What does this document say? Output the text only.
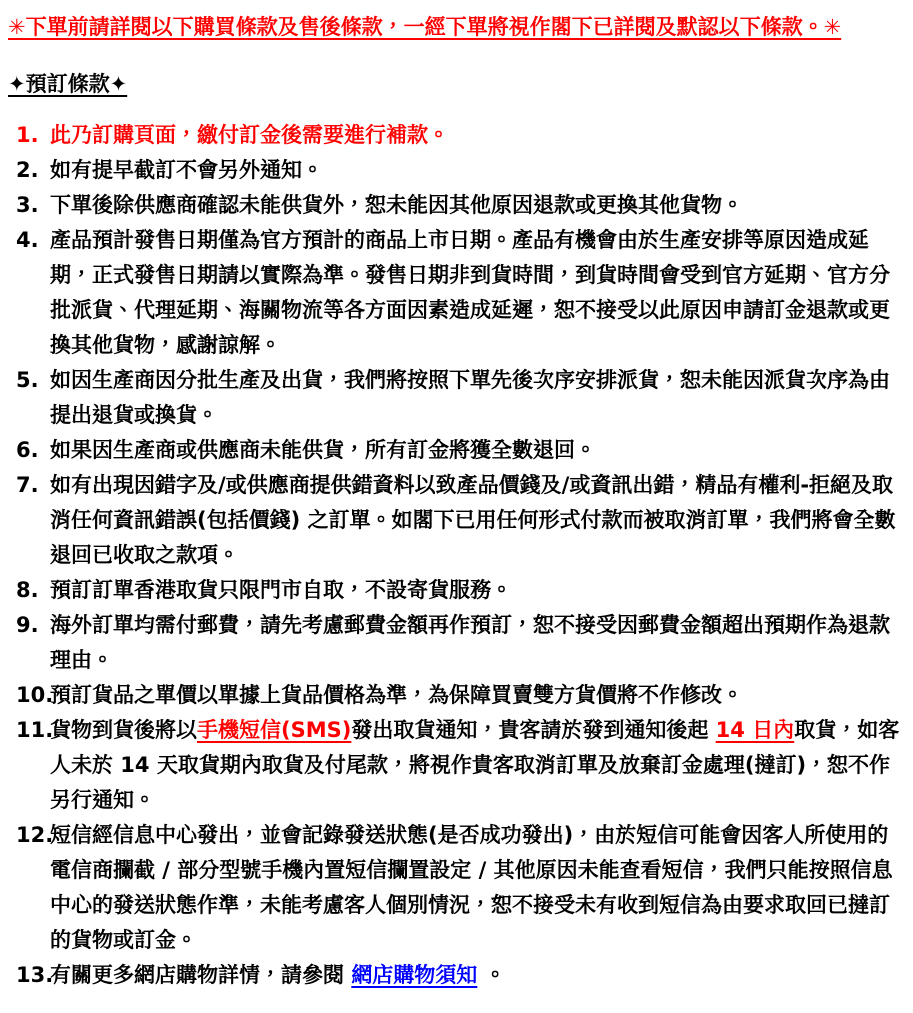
✳下單前請詳閱以下購買條款及售後條款，一經下單將視作閣下已詳閱及默認以下條款。✳

✦預訂條款✦
1. 此乃訂購頁面，繳付訂金後需要進行補款。
2. 如有提早截訂不會另外通知。
3. 下單後除供應商確認未能供貨外，恕未能因其他原因退款或更換其他貨物。
4. 產品預計發售日期僅為官方預計的商品上市日期。產品有機會由於生產安排等原因造成延期，正式發售日期請以實際為準。發售日期非到貨時間，到貨時間會受到官方延期、官方分批派貨、代理延期、海關物流等各方面因素造成延遲，恕不接受以此原因申請訂金退款或更換其他貨物，感謝諒解。
5. 如因生產商因分批生產及出貨，我們將按照下單先後次序安排派貨，恕未能因派貨次序為由提出退貨或換貨。
6. 如果因生產商或供應商未能供貨，所有訂金將獲全數退回。
7. 如有出現因錯字及/或供應商提供錯資料以致產品價錢及/或資訊出錯，精品有權利-拒絕及取消任何資訊錯誤(包括價錢) 之訂單。如閣下已用任何形式付款而被取消訂單，我們將會全數退回已收取之款項。
8. 預訂訂單香港取貨只限門市自取，不設寄貨服務。
9. 海外訂單均需付郵費，請先考慮郵費金額再作預訂，恕不接受因郵費金額超出預期作為退款理由。
10.
預訂貨品之單價以單據上貨品價格為準，為保障買賣雙方貨價將不作修改。
11.
貨物到貨後將以手機短信(SMS)發出取貨通知，貴客請於發到通知後起 14 日內取貨，如客人未於 14 天取貨期內取貨及付尾款，將視作貴客取消訂單及放棄訂金處理(撻訂)，恕不作另行通知。
12.
短信經信息中心發出，並會記錄發送狀態(是否成功發出)，由於短信可能會因客人所使用的電信商攔截 / 部分型號手機內置短信攔置設定 / 其他原因未能查看短信，我們只能按照信息中心的發送狀態作準，未能考慮客人個別情況，恕不接受未有收到短信為由要求取回已撻訂的貨物或訂金。
13.
有關更多網店購物詳情，請參閱 網店購物須知 。
